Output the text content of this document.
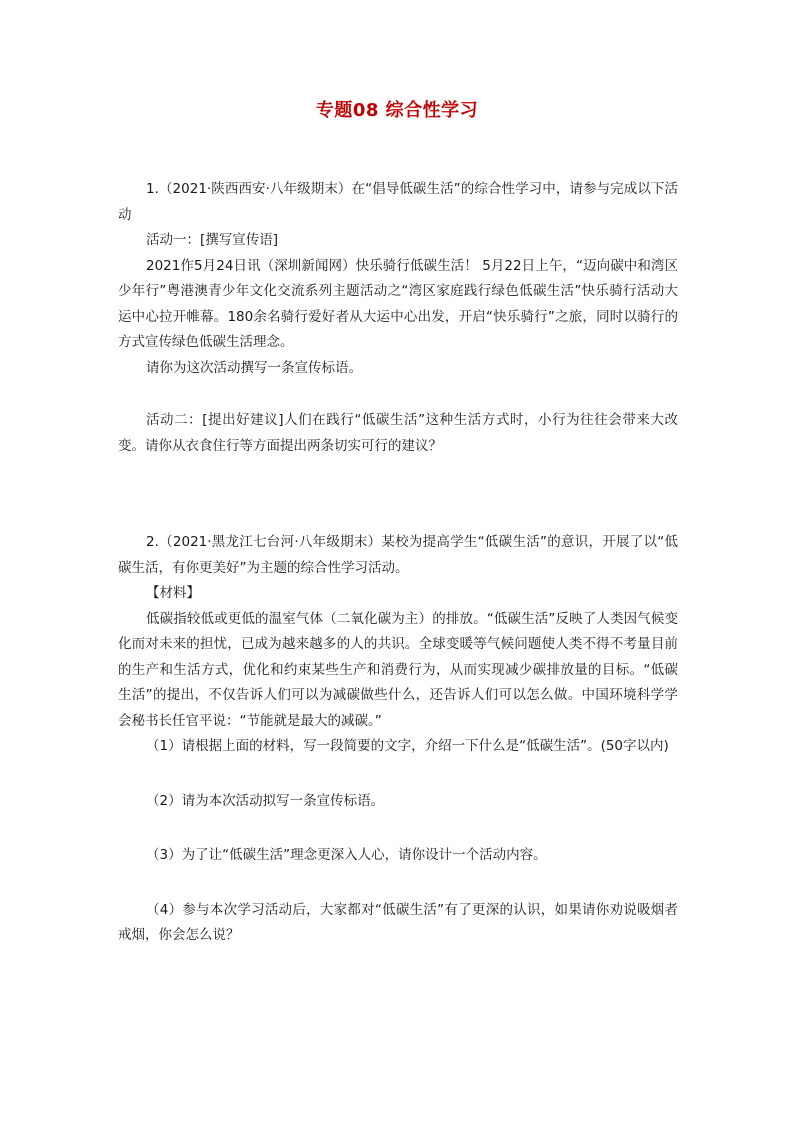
专题08 综合性学习

1.（2021·陕西西安·八年级期末）在“倡导低碳生活”的综合性学习中，请参与完成以下活动

活动一：[撰写宣传语]

2021作5月24日讯（深圳新闻网）快乐骑行低碳生活！ 5月22日上午，“迈向碳中和湾区少年行”粤港澳青少年文化交流系列主题活动之“湾区家庭践行绿色低碳生活”快乐骑行活动大运中心拉开帷幕。180余名骑行爱好者从大运中心出发，开启“快乐骑行”之旅，同时以骑行的方式宣传绿色低碳生活理念。

请你为这次活动撰写一条宣传标语。

活动二：[提出好建议]人们在践行“低碳生活”这种生活方式时，小行为往往会带来大改变。请你从衣食住行等方面提出两条切实可行的建议？

2.（2021·黑龙江七台河·八年级期末）某校为提高学生“低碳生活”的意识，开展了以“低碳生活，有你更美好”为主题的综合性学习活动。

【材料】

低碳指较低或更低的温室气体（二氧化碳为主）的排放。“低碳生活”反映了人类因气候变化而对未来的担忧，已成为越来越多的人的共识。全球变暖等气候问题使人类不得不考量目前的生产和生活方式，优化和约束某些生产和消费行为，从而实现减少碳排放量的目标。“低碳生活”的提出，不仅告诉人们可以为减碳做些什么，还告诉人们可以怎么做。中国环境科学学会秘书长任官平说：“节能就是最大的减碳。”

（1）请根据上面的材料，写一段简要的文字，介绍一下什么是“低碳生活”。(50字以内)

（2）请为本次活动拟写一条宣传标语。

（3）为了让“低碳生活”理念更深入人心，请你设计一个活动内容。

（4）参与本次学习活动后，大家都对“低碳生活”有了更深的认识，如果请你劝说吸烟者戒烟，你会怎么说？
